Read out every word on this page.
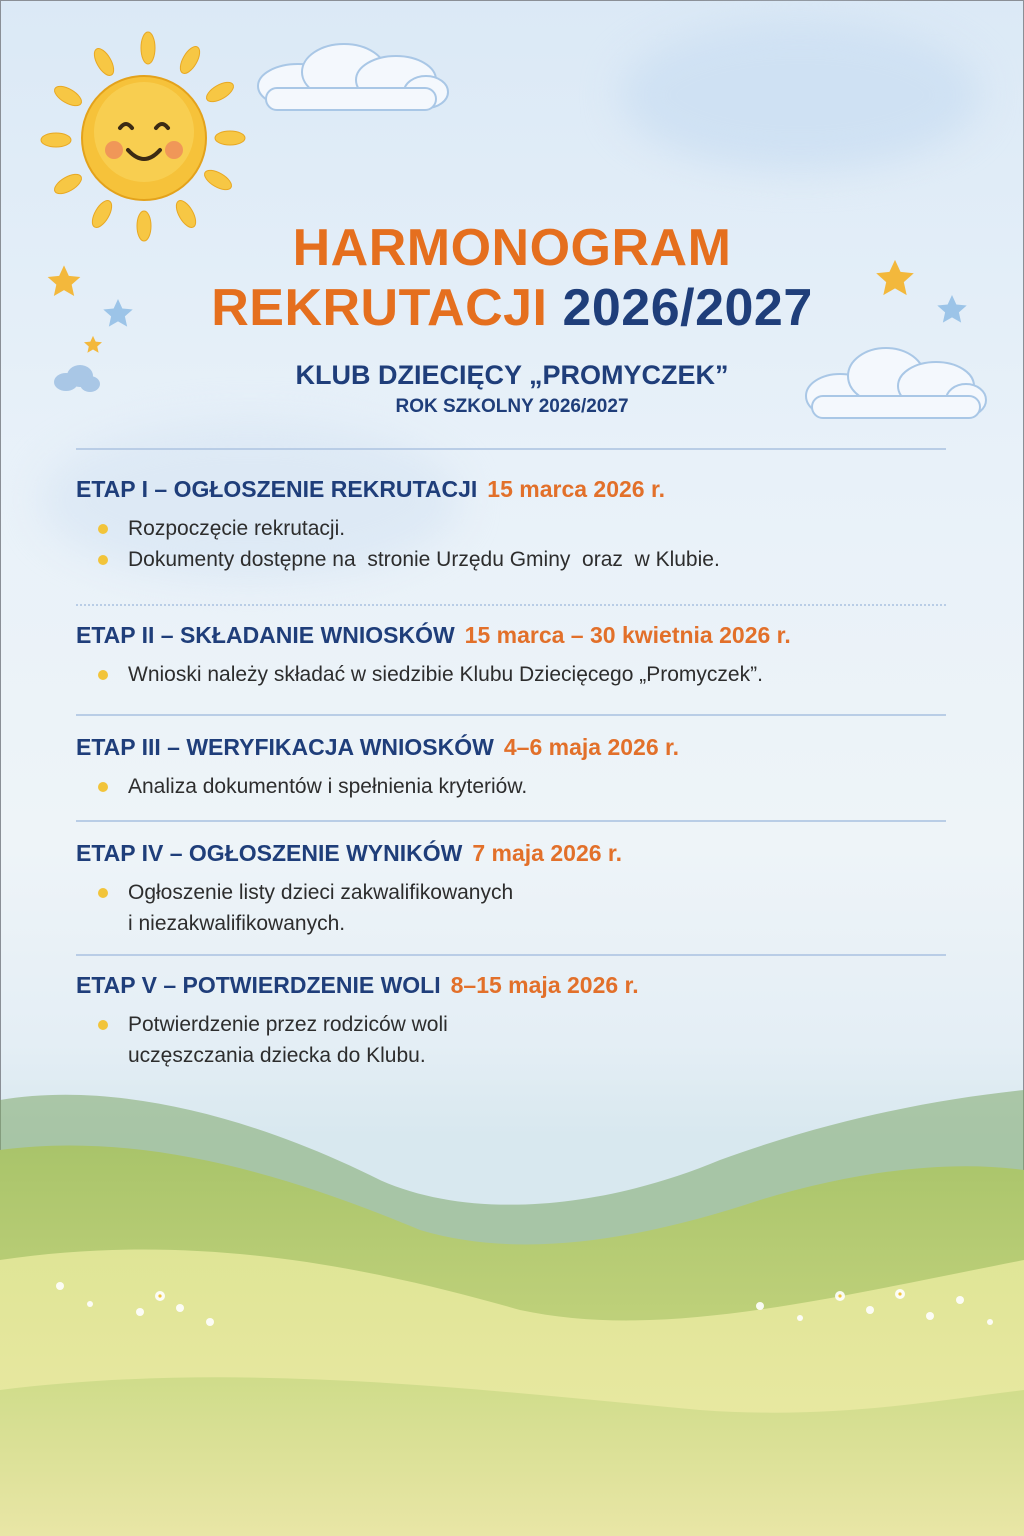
HARMONOGRAM
REKRUTACJI 2026/2027
KLUB DZIECIĘCY „PROMYCZEK”
ROK SZKOLNY 2026/2027
ETAP I – OGŁOSZENIE REKRUTACJI 15 marca 2026 r.
Rozpoczęcie rekrutacji.
Dokumenty dostępne na  stronie Urzędu Gminy  oraz  w Klubie.
ETAP II – SKŁADANIE WNIOSKÓW 15 marca – 30 kwietnia 2026 r.
Wnioski należy składać w siedzibie Klubu Dziecięcego „Promyczek”.
ETAP III – WERYFIKACJA WNIOSKÓW 4–6 maja 2026 r.
Analiza dokumentów i spełnienia kryteriów.
ETAP IV – OGŁOSZENIE WYNIKÓW 7 maja 2026 r.
Ogłoszenie listy dzieci zakwalifikowanych
i niezakwalifikowanych.
ETAP V – POTWIERDZENIE WOLI 8–15 maja 2026 r.
Potwierdzenie przez rodziców woli
uczęszczania dziecka do Klubu.
